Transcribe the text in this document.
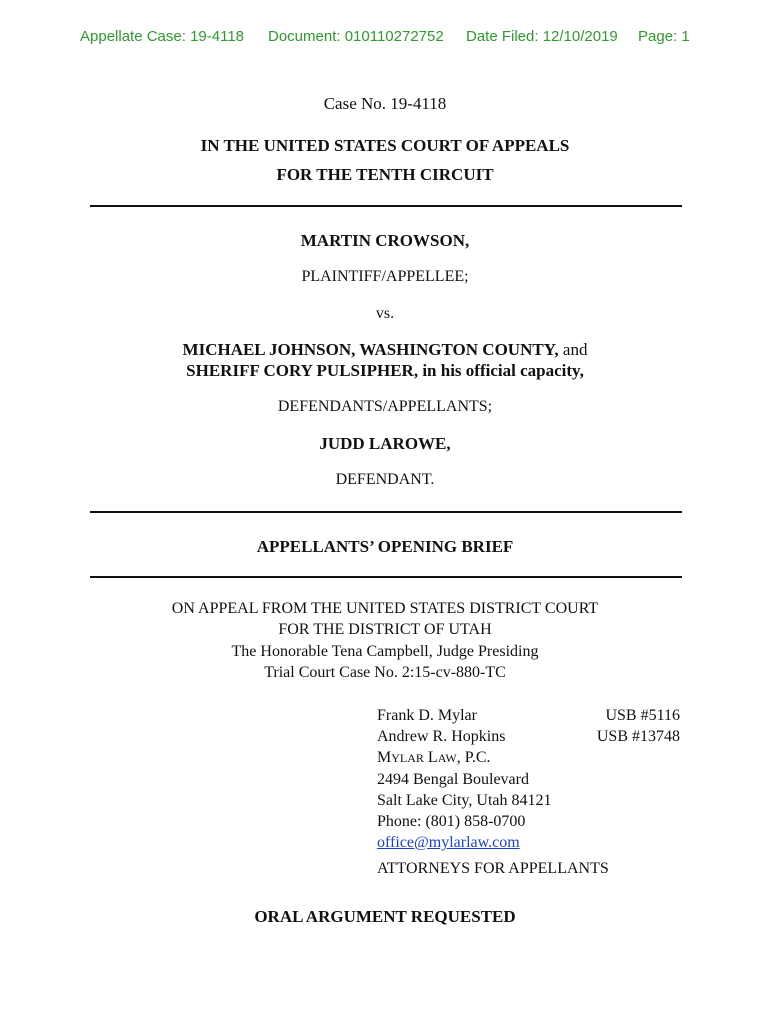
Appellate Case: 19-4118 Document: 010110272752 Date Filed: 12/10/2019 Page: 1
Case No. 19-4118
IN THE UNITED STATES COURT OF APPEALS
FOR THE TENTH CIRCUIT
MARTIN CROWSON,
PLAINTIFF/APPELLEE;
vs.
MICHAEL JOHNSON, WASHINGTON COUNTY, and
SHERIFF CORY PULSIPHER, in his official capacity,
DEFENDANTS/APPELLANTS;
JUDD LAROWE,
DEFENDANT.
APPELLANTS’ OPENING BRIEF
ON APPEAL FROM THE UNITED STATES DISTRICT COURT
FOR THE DISTRICT OF UTAH
The Honorable Tena Campbell, Judge Presiding
Trial Court Case No. 2:15-cv-880-TC
Frank D. Mylar
Andrew R. Hopkins
MYLAR LAW, P.C.
2494 Bengal Boulevard
Salt Lake City, Utah 84121
Phone: (801) 858-0700
office@mylarlaw.com
USB #5116
USB #13748
ATTORNEYS FOR APPELLANTS
ORAL ARGUMENT REQUESTED
